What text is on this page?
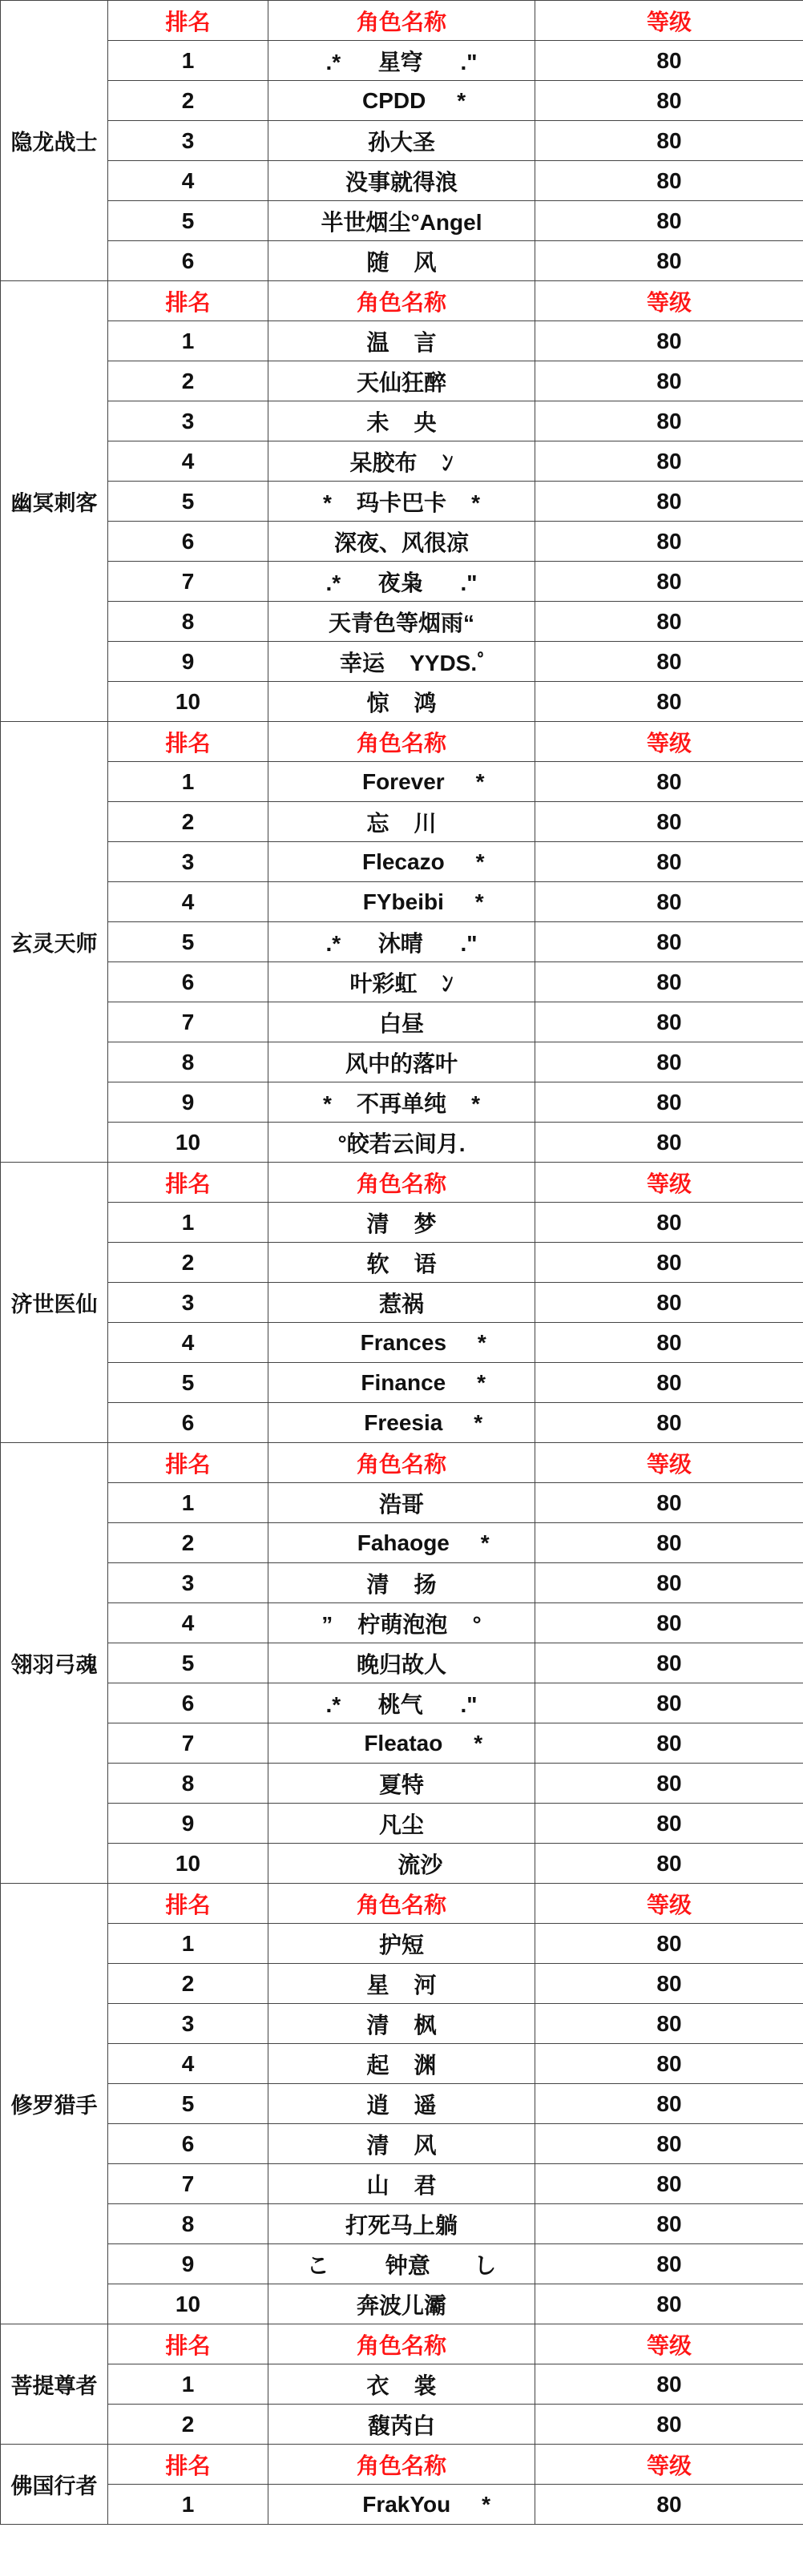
隐龙战士	排名	角色名称	等级
	1	.*      星穹      ."	80
	2	CPDD     *	80
	3	孙大圣	80
	4	没事就得浪	80
	5	半世烟尘°Angel	80
	6	随    风	80
幽冥刺客	排名	角色名称	等级
	1	温    言	80
	2	天仙狂醉	80
	3	未    央	80
	4	呆胶布    ﾝ	80
	5	*    玛卡巴卡    *	80
	6	深夜、风很凉	80
	7	.*      夜枭      ."	80
	8	天青色等烟雨“	80
	9	幸运    YYDS.ﾟ	80
	10	惊    鸿	80
玄灵天师	排名	角色名称	等级
	1	Forever     *	80
	2	忘    川	80
	3	Flecazo     *	80
	4	FYbeibi     *	80
	5	.*      沐晴      ."	80
	6	叶彩虹    ﾝ	80
	7	白昼	80
	8	风中的落叶	80
	9	*    不再单纯    *	80
	10	°皎若云间月.	80
济世医仙	排名	角色名称	等级
	1	清    梦	80
	2	软    语	80
	3	惹祸	80
	4	Frances     *	80
	5	Finance     *	80
	6	Freesia     *	80
翎羽弓魂	排名	角色名称	等级
	1	浩哥	80
	2	Fahaoge     *	80
	3	清    扬	80
	4	”    柠萌泡泡    °	80
	5	晚归故人	80
	6	.*      桃气      ."	80
	7	Fleatao     *	80
	8	夏特	80
	9	凡尘	80
	10	流沙	80
修罗猎手	排名	角色名称	等级
	1	护短	80
	2	星    河	80
	3	清    枫	80
	4	起    渊	80
	5	逍    遥	80
	6	清    风	80
	7	山    君	80
	8	打死马上躺	80
	9	こ         钟意       し	80
	10	奔波儿灞	80
菩提尊者	排名	角色名称	等级
	1	衣    裳	80
	2	馥芮白	80
佛国行者	排名	角色名称	等级
	1	FrakYou     *	80
